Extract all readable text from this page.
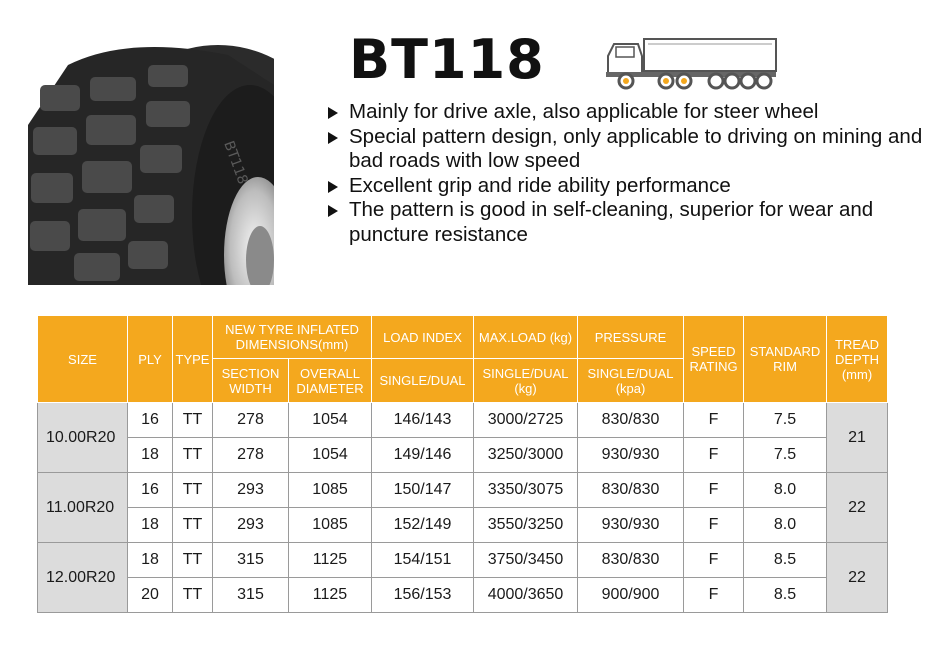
BT118
BT118
Mainly for drive axle, also applicable for steer wheel
Special pattern design, only applicable to driving on mining and bad roads with low speed
Excellent grip and ride ability performance
The pattern is good in self-cleaning, superior for wear and puncture resistance
SIZE	PLY	TYPE	NEW TYRE INFLATED DIMENSIONS(mm)		LOAD INDEX	MAX.LOAD (kg)	PRESSURE	SPEED RATING	STANDARD RIM	TREAD DEPTH (mm)
			SECTION WIDTH	OVERALL DIAMETER	SINGLE/DUAL	SINGLE/DUAL (kg)	SINGLE/DUAL (kpa)			
10.00R20	16	TT	278	1054	146/143	3000/2725	830/830	F	7.5	21
	18	TT	278	1054	149/146	3250/3000	930/930	F	7.5	
11.00R20	16	TT	293	1085	150/147	3350/3075	830/830	F	8.0	22
	18	TT	293	1085	152/149	3550/3250	930/930	F	8.0	
12.00R20	18	TT	315	1125	154/151	3750/3450	830/830	F	8.5	22
	20	TT	315	1125	156/153	4000/3650	900/900	F	8.5	
